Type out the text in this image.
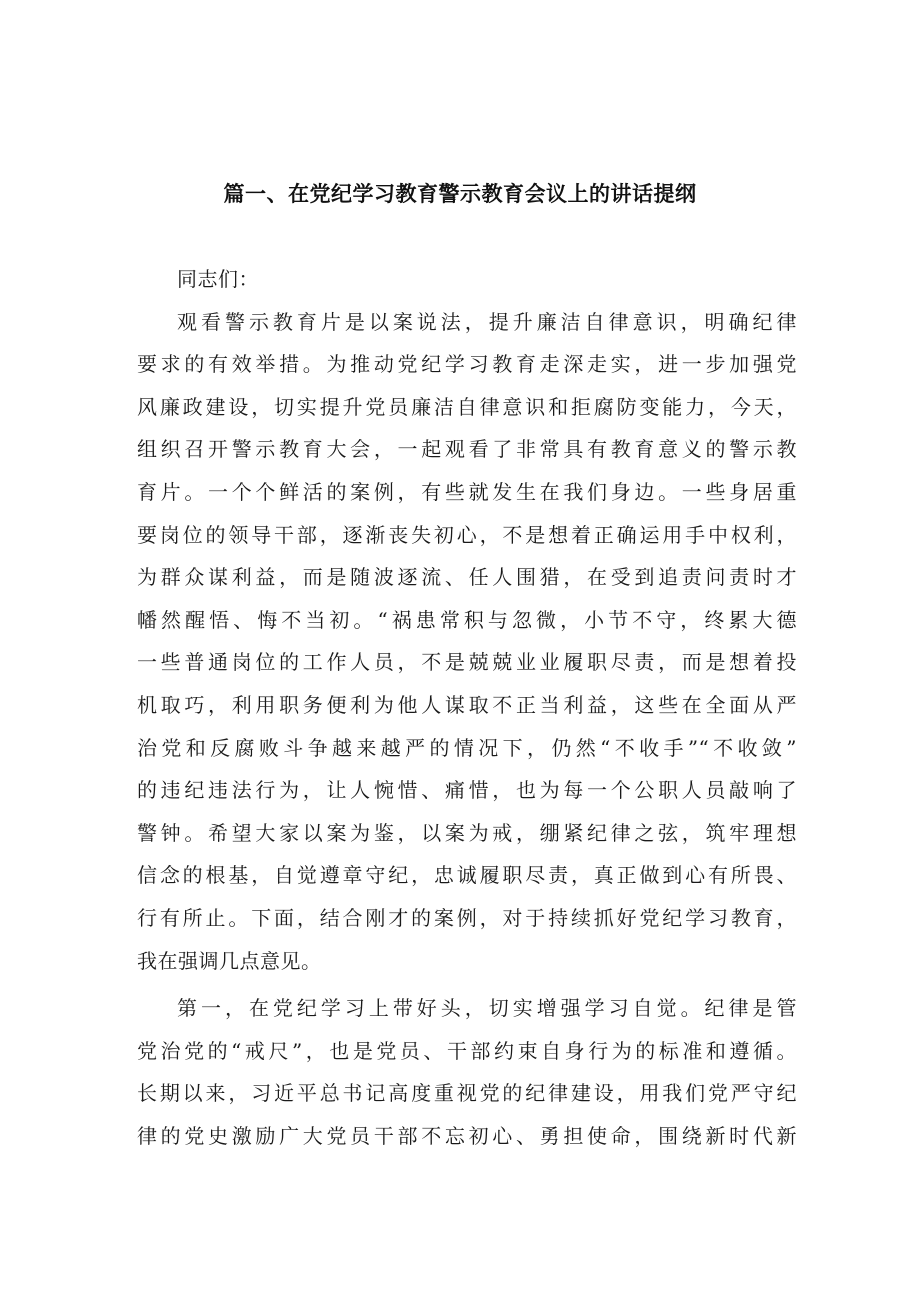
篇一、在党纪学习教育警示教育会议上的讲话提纲
同志们：
观看警示教育片是以案说法，提升廉洁自律意识，明确纪律
要求的有效举措。为推动党纪学习教育走深走实，进一步加强党
风廉政建设，切实提升党员廉洁自律意识和拒腐防变能力，今天，
组织召开警示教育大会，一起观看了非常具有教育意义的警示教
育片。一个个鲜活的案例，有些就发生在我们身边。一些身居重
要岗位的领导干部，逐渐丧失初心，不是想着正确运用手中权利，
为群众谋利益，而是随波逐流、任人围猎，在受到追责问责时才
幡然醒悟、悔不当初。“祸患常积与忽微，小节不守，终累大德
一些普通岗位的工作人员，不是兢兢业业履职尽责，而是想着投
机取巧，利用职务便利为他人谋取不正当利益，这些在全面从严
治党和反腐败斗争越来越严的情况下，仍然“不收手”“不收敛”
的违纪违法行为，让人惋惜、痛惜，也为每一个公职人员敲响了
警钟。希望大家以案为鉴，以案为戒，绷紧纪律之弦，筑牢理想
信念的根基，自觉遵章守纪，忠诚履职尽责，真正做到心有所畏、
行有所止。下面，结合刚才的案例，对于持续抓好党纪学习教育，
我在强调几点意见。
第一，在党纪学习上带好头，切实增强学习自觉。纪律是管
党治党的“戒尺”，也是党员、干部约束自身行为的标准和遵循。
长期以来，习近平总书记高度重视党的纪律建设，用我们党严守纪
律的党史激励广大党员干部不忘初心、勇担使命，围绕新时代新
